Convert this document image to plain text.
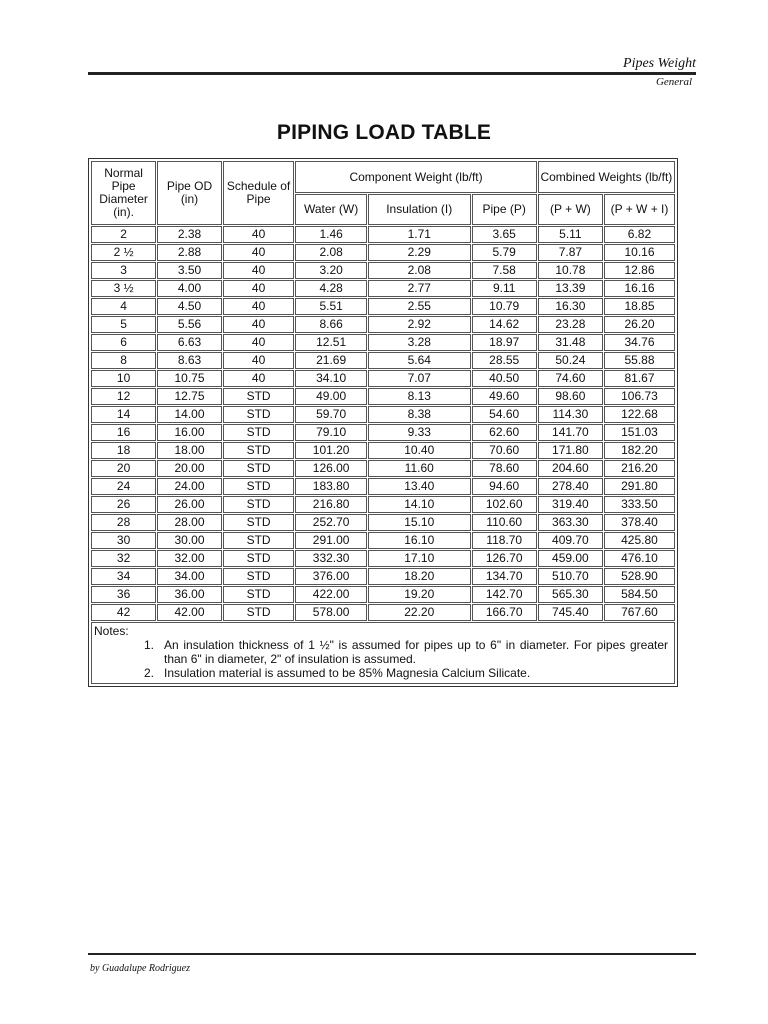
Pipes Weight
General
PIPING LOAD TABLE
Normal Pipe Diameter (in).	Pipe OD (in)	Schedule of Pipe	Component Weight (lb/ft)			Combined Weights (lb/ft)	
			Water (W)	Insulation (I)	Pipe (P)	(P + W)	(P + W + I)
2	2.38	40	1.46	1.71	3.65	5.11	6.82
2 ½	2.88	40	2.08	2.29	5.79	7.87	10.16
3	3.50	40	3.20	2.08	7.58	10.78	12.86
3 ½	4.00	40	4.28	2.77	9.11	13.39	16.16
4	4.50	40	5.51	2.55	10.79	16.30	18.85
5	5.56	40	8.66	2.92	14.62	23.28	26.20
6	6.63	40	12.51	3.28	18.97	31.48	34.76
8	8.63	40	21.69	5.64	28.55	50.24	55.88
10	10.75	40	34.10	7.07	40.50	74.60	81.67
12	12.75	STD	49.00	8.13	49.60	98.60	106.73
14	14.00	STD	59.70	8.38	54.60	114.30	122.68
16	16.00	STD	79.10	9.33	62.60	141.70	151.03
18	18.00	STD	101.20	10.40	70.60	171.80	182.20
20	20.00	STD	126.00	11.60	78.60	204.60	216.20
24	24.00	STD	183.80	13.40	94.60	278.40	291.80
26	26.00	STD	216.80	14.10	102.60	319.40	333.50
28	28.00	STD	252.70	15.10	110.60	363.30	378.40
30	30.00	STD	291.00	16.10	118.70	409.70	425.80
32	32.00	STD	332.30	17.10	126.70	459.00	476.10
34	34.00	STD	376.00	18.20	134.70	510.70	528.90
36	36.00	STD	422.00	19.20	142.70	565.30	584.50
42	42.00	STD	578.00	22.20	166.70	745.40	767.60

Notes:
1. An insulation thickness of 1 ½" is assumed for pipes up to 6" in diameter. For pipes greater than 6" in diameter, 2" of insulation is assumed.
2. Insulation material is assumed to be 85% Magnesia Calcium Silicate.							
by Guadalupe Rodriguez
